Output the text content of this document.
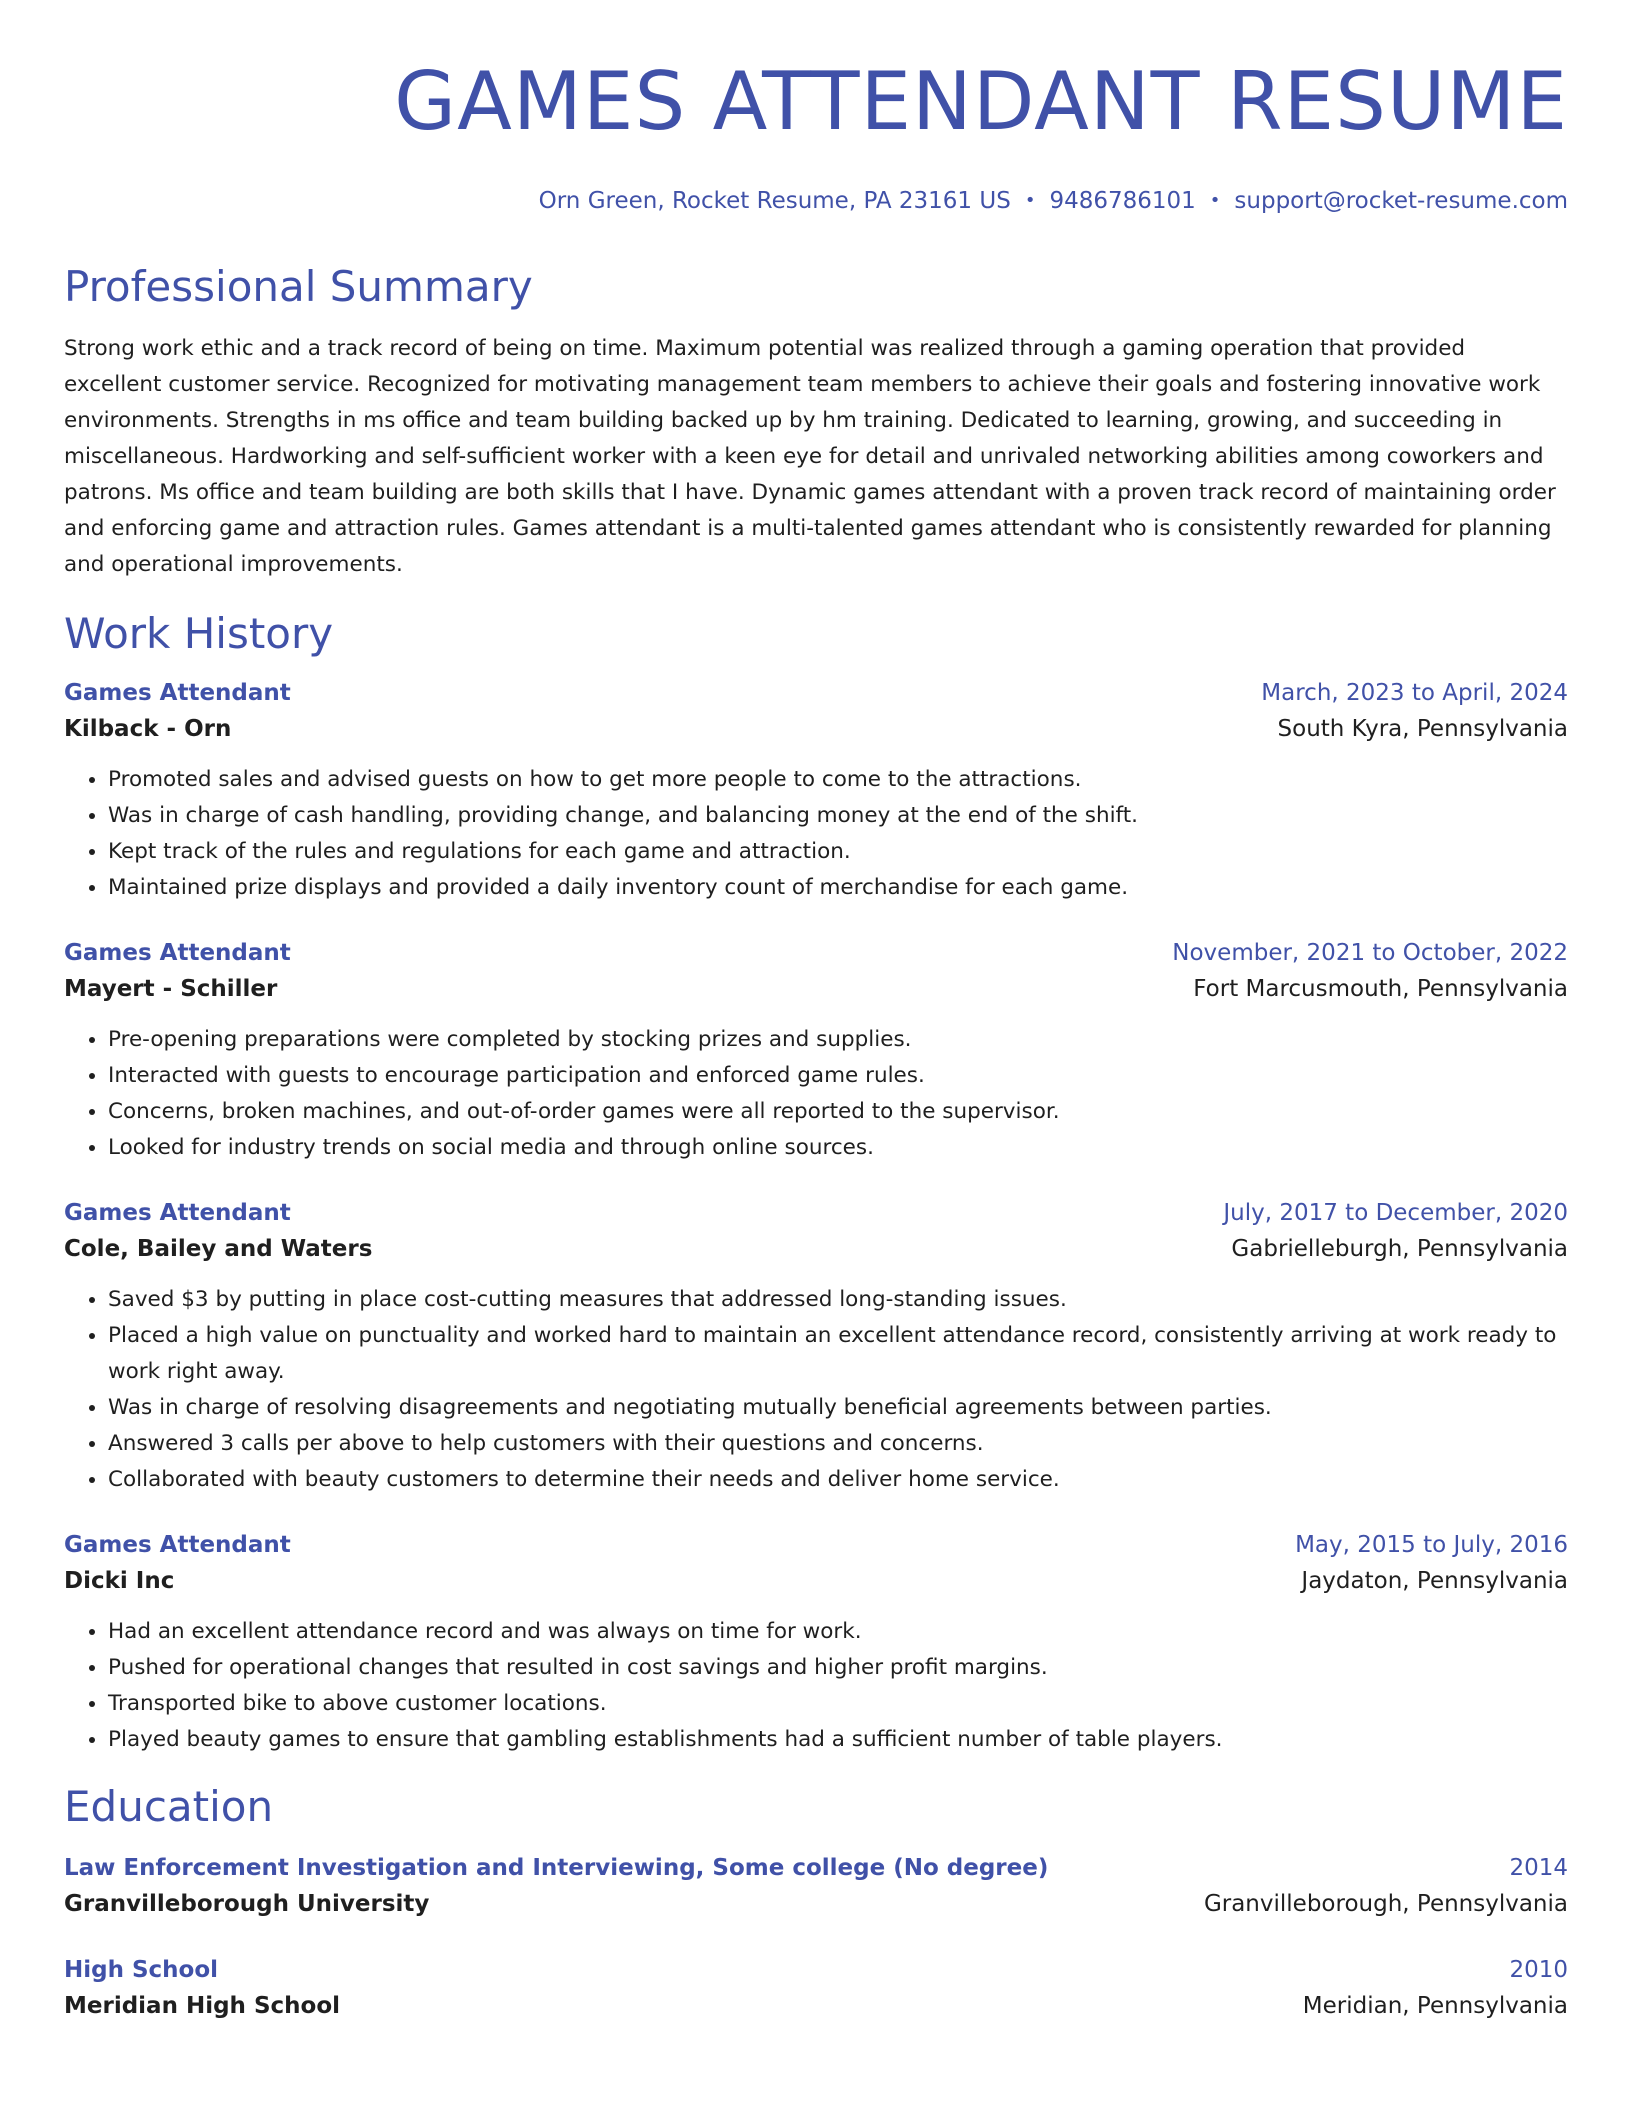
GAMES ATTENDANT RESUME
Orn Green, Rocket Resume, PA 23161 US • 9486786101 • support@rocket-resume.com
Professional Summary
Strong work ethic and a track record of being on time. Maximum potential was realized through a gaming operation that provided excellent customer service. Recognized for motivating management team members to achieve their goals and fostering innovative work environments. Strengths in ms office and team building backed up by hm training. Dedicated to learning, growing, and succeeding in miscellaneous. Hardworking and self-sufficient worker with a keen eye for detail and unrivaled networking abilities among coworkers and patrons. Ms office and team building are both skills that I have. Dynamic games attendant with a proven track record of maintaining order and enforcing game and attraction rules. Games attendant is a multi-talented games attendant who is consistently rewarded for planning and operational improvements.
Work History
Games Attendant	March, 2023 to April, 2024
Kilback - Orn	South Kyra, Pennsylvania
• Promoted sales and advised guests on how to get more people to come to the attractions.
• Was in charge of cash handling, providing change, and balancing money at the end of the shift.
• Kept track of the rules and regulations for each game and attraction.
• Maintained prize displays and provided a daily inventory count of merchandise for each game.
Games Attendant	November, 2021 to October, 2022
Mayert - Schiller	Fort Marcusmouth, Pennsylvania
• Pre-opening preparations were completed by stocking prizes and supplies.
• Interacted with guests to encourage participation and enforced game rules.
• Concerns, broken machines, and out-of-order games were all reported to the supervisor.
• Looked for industry trends on social media and through online sources.
Games Attendant	July, 2017 to December, 2020
Cole, Bailey and Waters	Gabrielleburgh, Pennsylvania
• Saved $3 by putting in place cost-cutting measures that addressed long-standing issues.
• Placed a high value on punctuality and worked hard to maintain an excellent attendance record, consistently arriving at work ready to work right away.
• Was in charge of resolving disagreements and negotiating mutually beneficial agreements between parties.
• Answered 3 calls per above to help customers with their questions and concerns.
• Collaborated with beauty customers to determine their needs and deliver home service.
Games Attendant	May, 2015 to July, 2016
Dicki Inc	Jaydaton, Pennsylvania
• Had an excellent attendance record and was always on time for work.
• Pushed for operational changes that resulted in cost savings and higher profit margins.
• Transported bike to above customer locations.
• Played beauty games to ensure that gambling establishments had a sufficient number of table players.
Education
Law Enforcement Investigation and Interviewing, Some college (No degree)	2014
Granvilleborough University	Granvilleborough, Pennsylvania
High School	2010
Meridian High School	Meridian, Pennsylvania
